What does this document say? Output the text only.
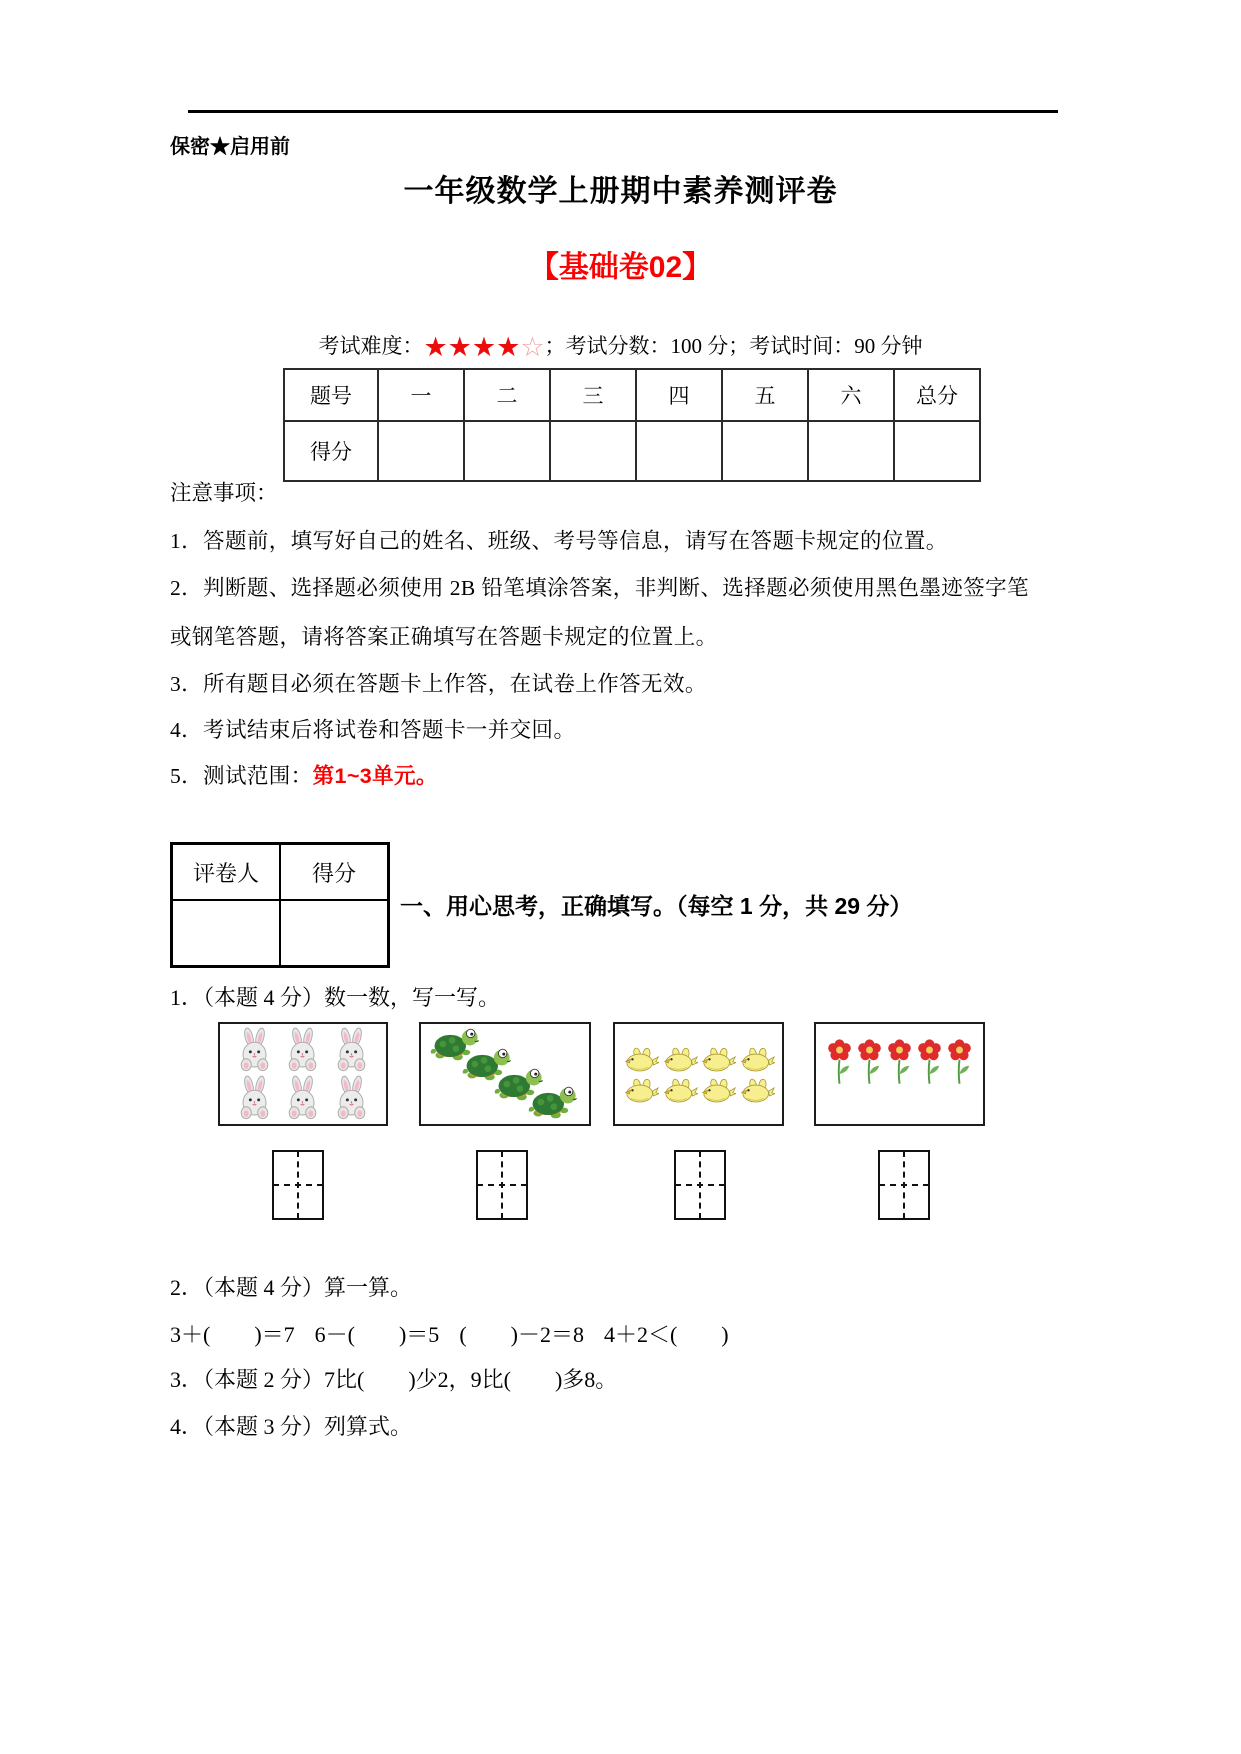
保密★启用前
一年级数学上册期中素养测评卷
【基础卷02】
考试难度：★★★★☆；考试分数：100 分；考试时间：90 分钟
题号	一	二	三	四	五	六	总分
得分							
注意事项：
1．答题前，填写好自己的姓名、班级、考号等信息，请写在答题卡规定的位置。
2．判断题、选择题必须使用 2B 铅笔填涂答案，非判断、选择题必须使用黑色墨迹签字笔
或钢笔答题，请将答案正确填写在答题卡规定的位置上。
3．所有题目必须在答题卡上作答，在试卷上作答无效。
4．考试结束后将试卷和答题卡一并交回。
5．测试范围：第1~3单元。
评卷人	得分

一、用心思考，正确填写。（每空 1 分，共 29 分）
1．（本题 4 分）数一数，写一写。
2．（本题 4 分）算一算。
3＋(　　)＝7 6－(　　)＝5 (　　)－2＝8 4＋2＜(　　)
3．（本题 2 分）7比(　　)少2，9比(　　)多8。
4．（本题 3 分）列算式。
